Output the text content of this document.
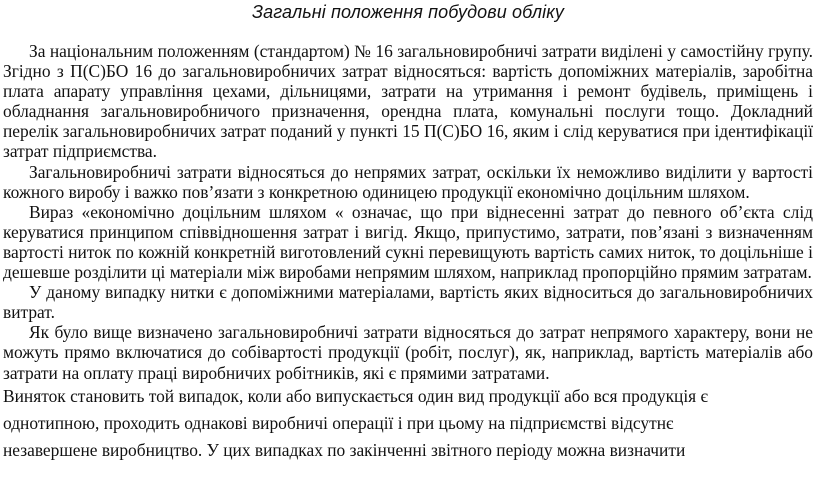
Загальні положення побудови обліку

За національним положенням (стандартом) № 16 загальновиробничі затрати виділені у самостійну групу. Згідно з П(С)БО 16 до загальновиробничих затрат відносяться: вартість допоміжних матеріалів, заробітна плата апарату управління цехами, дільницями, затрати на утримання і ремонт будівель, приміщень і обладнання загальновиробничого призначення, орендна плата, комунальні послуги тощо. Докладний перелік загальновиробничих затрат поданий у пункті 15 П(С)БО 16, яким і слід керуватися при ідентифікації затрат підприємства.

Загальновиробничі затрати відносяться до непрямих затрат, оскільки їх неможливо виділити у вартості кожного виробу і важко пов’язати з конкретною одиницею продукції економічно доцільним шляхом.

Вираз «економічно доцільним шляхом « означає, що при віднесенні затрат до певного об’єкта слід керуватися принципом співвідношення затрат і вигід. Якщо, припустимо, затрати, пов’язані з визначенням вартості ниток по кожній конкретній виготовлений сукні перевищують вартість самих ниток, то доцільніше і дешевше розділити ці матеріали між виробами непрямим шляхом, наприклад пропорційно прямим затратам.

У даному випадку нитки є допоміжними матеріалами, вартість яких відноситься до загальновиробничих витрат.

Як було вище визначено загальновиробничі затрати відносяться до затрат непрямого характеру, вони не можуть прямо включатися до собівартості продукції (робіт, послуг), як, наприклад, вартість матеріалів або затрати на оплату праці виробничих робітників, які є прямими затратами.

Виняток становить той випадок, коли або випускається один вид продукції або вся продукція є

однотипною, проходить однакові виробничі операції і при цьому на підприємстві відсутнє

незавершене виробництво. У цих випадках по закінченні звітного періоду можна визначити
